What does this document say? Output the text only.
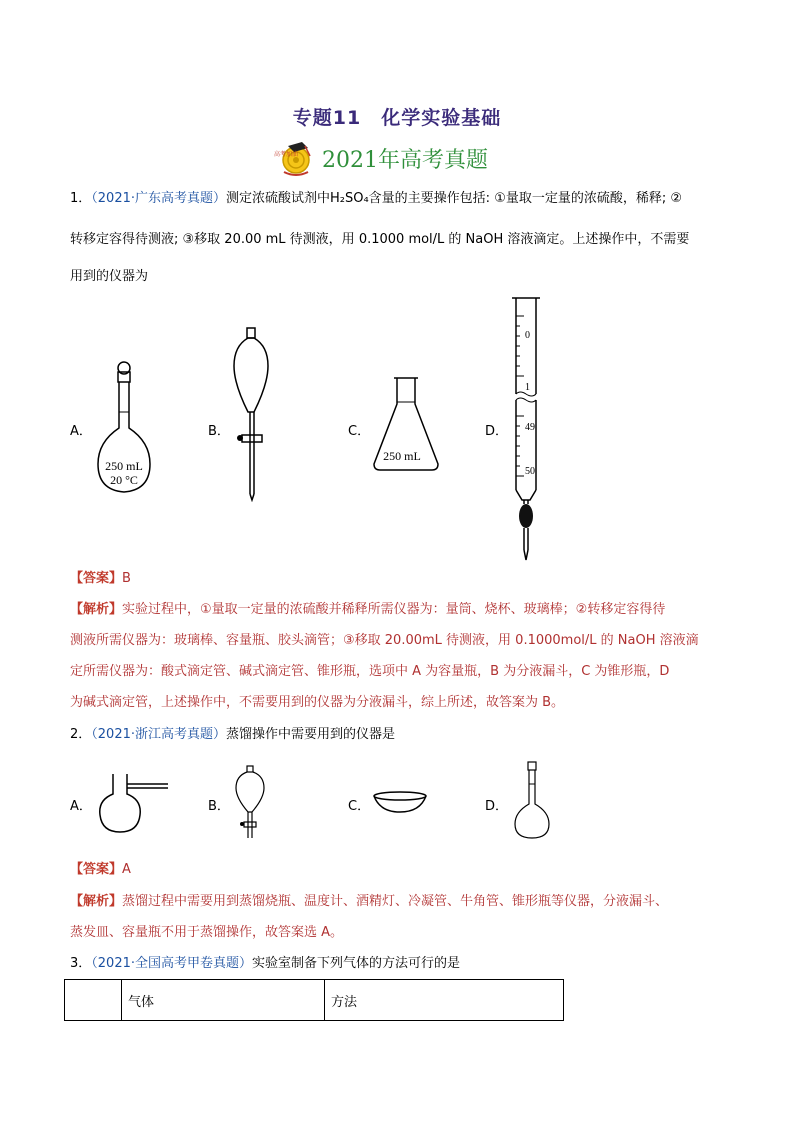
专题11　化学实验基础
高考加油 2021年高考真题
1．（2021·广东高考真题）测定浓硫酸试剂中H₂SO₄含量的主要操作包括: ①量取一定量的浓硫酸，稀释; ②
转移定容得待测液; ③移取 20.00 mL 待测液，用 0.1000 mol/L 的 NaOH 溶液滴定。上述操作中，不需要
用到的仪器为
A．	B．	C．	D．
250 mL
20 °C
250 mL
0
1
49
50
【答案】B
【解析】实验过程中，①量取一定量的浓硫酸并稀释所需仪器为：量筒、烧杯、玻璃棒；②转移定容得待
测液所需仪器为：玻璃棒、容量瓶、胶头滴管；③移取 20.00mL 待测液，用 0.1000mol/L 的 NaOH 溶液滴
定所需仪器为：酸式滴定管、碱式滴定管、锥形瓶，选项中 A 为容量瓶，B 为分液漏斗，C 为锥形瓶，D
为碱式滴定管，上述操作中，不需要用到的仪器为分液漏斗，综上所述，故答案为 B。
2．（2021·浙江高考真题）蒸馏操作中需要用到的仪器是
A．	B．	C．	D．
【答案】A
【解析】蒸馏过程中需要用到蒸馏烧瓶、温度计、酒精灯、冷凝管、牛角管、锥形瓶等仪器，分液漏斗、
蒸发皿、容量瓶不用于蒸馏操作，故答案选 A。
3．（2021·全国高考甲卷真题）实验室制备下列气体的方法可行的是
	气体	方法
